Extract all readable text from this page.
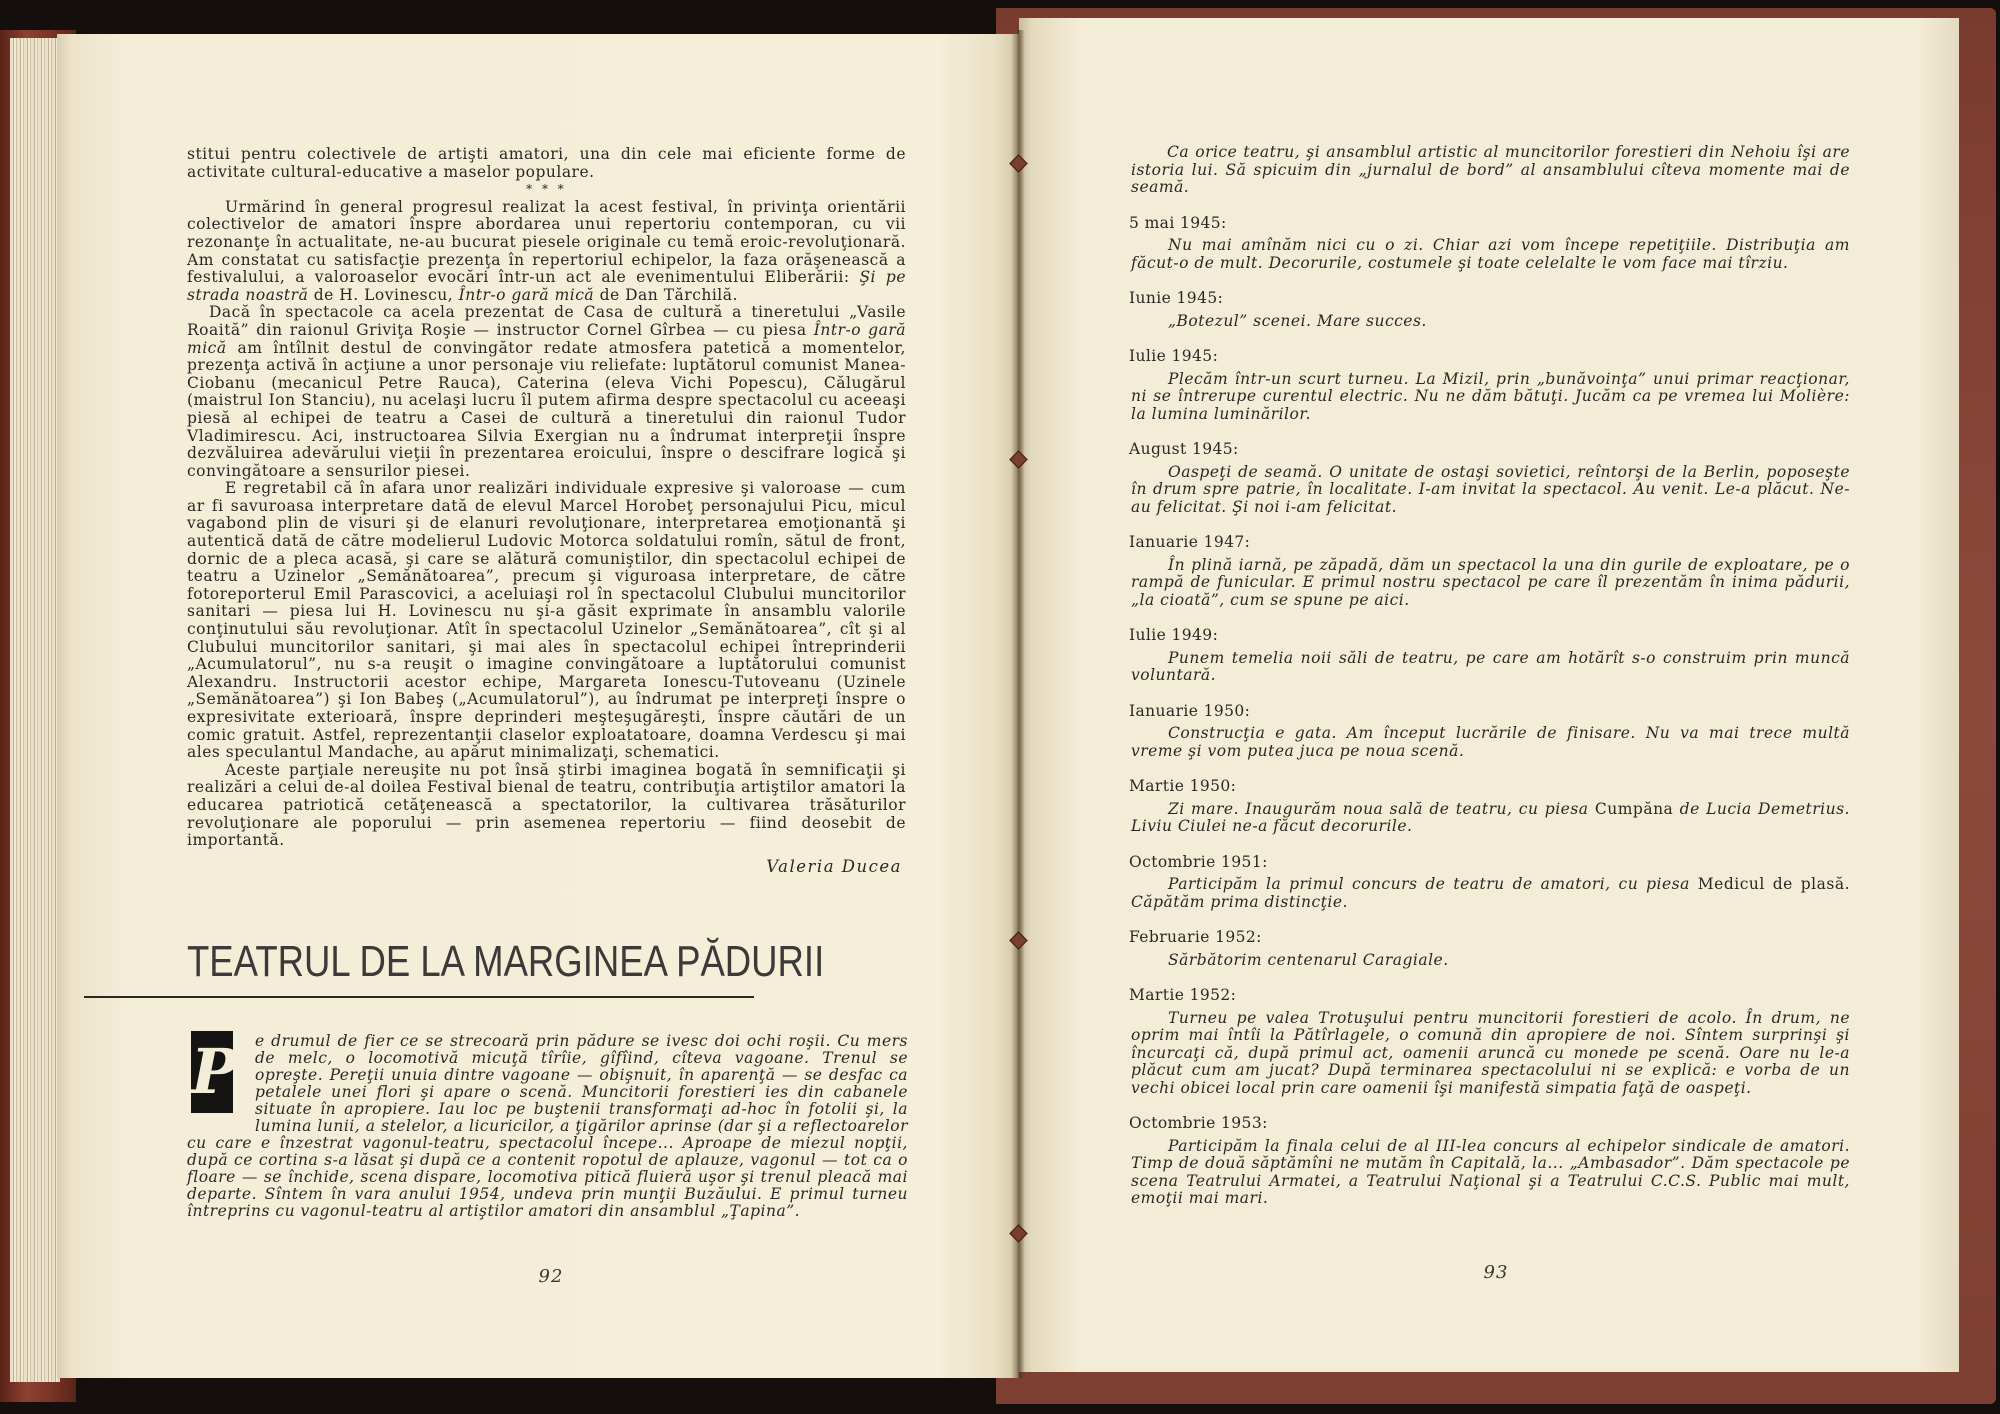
stitui pentru colectivele de artişti amatori, una din cele mai eficiente forme de activitate cultural-educative a maselor populare.

* * *

Urmărind în general progresul realizat la acest festival, în privinţa orientării colectivelor de amatori înspre abordarea unui repertoriu contemporan, cu vii rezonanţe în actualitate, ne-au bucurat piesele originale cu temă eroic-revoluţionară. Am constatat cu satisfacţie prezenţa în repertoriul echipelor, la faza orăşenească a festivalului, a valoroaselor evocări într-un act ale evenimentului Eliberării: Şi pe strada noastră de H. Lovinescu, Într-o gară mică de Dan Tărchilă.

Dacă în spectacole ca acela prezentat de Casa de cultură a tineretului „Vasile Roaită” din raionul Griviţa Roşie — instructor Cornel Gîrbea — cu piesa Într-o gară mică am întîlnit destul de convingător redate atmosfera patetică a momentelor, prezenţa activă în acţiune a unor personaje viu reliefate: luptătorul comunist Manea-Ciobanu (mecanicul Petre Rauca), Caterina (eleva Vichi Popescu), Călugărul (maistrul Ion Stanciu), nu acelaşi lucru îl putem afirma despre spectacolul cu aceeaşi piesă al echipei de teatru a Casei de cultură a tineretului din raionul Tudor Vladimirescu. Aci, instructoarea Silvia Exergian nu a îndrumat interpreţii înspre dezvăluirea adevărului vieţii în prezentarea eroicului, înspre o descifrare logică şi convingătoare a sensurilor piesei.

E regretabil că în afara unor realizări individuale expresive şi valoroase — cum ar fi savuroasa interpretare dată de elevul Marcel Horobeţ personajului Picu, micul vagabond plin de visuri şi de elanuri revoluţionare, interpretarea emoţionantă şi autentică dată de către modelierul Ludovic Motorca soldatului romîn, sătul de front, dornic de a pleca acasă, şi care se alătură comuniştilor, din spectacolul echipei de teatru a Uzinelor „Semănătoarea”, precum şi viguroasa interpretare, de către fotoreporterul Emil Parascovici, a aceluiaşi rol în spectacolul Clubului muncitorilor sanitari — piesa lui H. Lovinescu nu şi-a găsit exprimate în ansamblu valorile conţinutului său revoluţionar. Atît în spectacolul Uzinelor „Semănătoarea”, cît şi al Clubului muncitorilor sanitari, şi mai ales în spectacolul echipei întreprinderii „Acumulatorul”, nu s-a reuşit o imagine convingătoare a luptătorului comunist Alexandru. Instructorii acestor echipe, Margareta Ionescu-Tutoveanu (Uzinele „Semănătoarea”) şi Ion Babeş („Acumulatorul”), au îndrumat pe interpreţi înspre o expresivitate exterioară, înspre deprinderi meşteşugăreşti, înspre căutări de un comic gratuit. Astfel, reprezentanţii claselor exploatatoare, doamna Verdescu şi mai ales speculantul Mandache, au apărut minimalizaţi, schematici.

Aceste parţiale nereuşite nu pot însă ştirbi imaginea bogată în semnificaţii şi realizări a celui de-al doilea Festival bienal de teatru, contribuţia artiştilor amatori la educarea patriotică cetăţenească a spectatorilor, la cultivarea trăsăturilor revoluţionare ale poporului — prin asemenea repertoriu — fiind deosebit de importantă.

Valeria Ducea

TEATRUL DE LA MARGINEA PĂDURII
P e drumul de fier ce se strecoară prin pădure se ivesc doi ochi roşii. Cu mers de melc, o locomotivă micuţă tîrîie, gîfîind, cîteva vagoane. Trenul se opreşte. Pereţii unuia dintre vagoane — obişnuit, în aparenţă — se desfac ca petalele unei flori şi apare o scenă. Muncitorii forestieri ies din cabanele situate în apropiere. Iau loc pe buştenii transformaţi ad-hoc în fotolii şi, la lumina lunii, a stelelor, a licuricilor, a ţigărilor aprinse (dar şi a reflectoarelor cu care e înzestrat vagonul-teatru, spectacolul începe... Aproape de miezul nopţii, după ce cortina s-a lăsat şi după ce a contenit ropotul de aplauze, vagonul — tot ca o floare — se închide, scena dispare, locomotiva pitică fluieră uşor şi trenul pleacă mai departe. Sîntem în vara anului 1954, undeva prin munţii Buzăului. E primul turneu întreprins cu vagonul-teatru al artiştilor amatori din ansamblul „Ţapina”.
92

Ca orice teatru, şi ansamblul artistic al muncitorilor forestieri din Nehoiu îşi are istoria lui. Să spicuim din „jurnalul de bord” al ansamblului cîteva momente mai de seamă.

5 mai 1945:

Nu mai amînăm nici cu o zi. Chiar azi vom începe repetiţiile. Distribuţia am făcut-o de mult. Decorurile, costumele şi toate celelalte le vom face mai tîrziu.

Iunie 1945:

„Botezul” scenei. Mare succes.

Iulie 1945:

Plecăm într-un scurt turneu. La Mizil, prin „bunăvoinţa” unui primar reacţionar, ni se întrerupe curentul electric. Nu ne dăm bătuţi. Jucăm ca pe vremea lui Molière: la lumina luminărilor.

August 1945:

Oaspeţi de seamă. O unitate de ostaşi sovietici, reîntorşi de la Berlin, poposeşte în drum spre patrie, în localitate. I-am invitat la spectacol. Au venit. Le-a plăcut. Ne-au felicitat. Şi noi i-am felicitat.

Ianuarie 1947:

În plină iarnă, pe zăpadă, dăm un spectacol la una din gurile de exploatare, pe o rampă de funicular. E primul nostru spectacol pe care îl prezentăm în inima pădurii, „la cioată”, cum se spune pe aici.

Iulie 1949:

Punem temelia noii săli de teatru, pe care am hotărît s-o construim prin muncă voluntară.

Ianuarie 1950:

Construcţia e gata. Am început lucrările de finisare. Nu va mai trece multă vreme şi vom putea juca pe noua scenă.

Martie 1950:

Zi mare. Inaugurăm noua sală de teatru, cu piesa Cumpăna de Lucia Demetrius. Liviu Ciulei ne-a făcut decorurile.

Octombrie 1951:

Participăm la primul concurs de teatru de amatori, cu piesa Medicul de plasă. Căpătăm prima distincţie.

Februarie 1952:

Sărbătorim centenarul Caragiale.

Martie 1952:

Turneu pe valea Trotuşului pentru muncitorii forestieri de acolo. În drum, ne oprim mai întîi la Pătîrlagele, o comună din apropiere de noi. Sîntem surprinşi şi încurcaţi că, după primul act, oamenii aruncă cu monede pe scenă. Oare nu le-a plăcut cum am jucat? După terminarea spectacolului ni se explică: e vorba de un vechi obicei local prin care oamenii îşi manifestă simpatia faţă de oaspeţi.

Octombrie 1953:

Participăm la finala celui de al III-lea concurs al echipelor sindicale de amatori. Timp de două săptămîni ne mutăm în Capitală, la... „Ambasador”. Dăm spectacole pe scena Teatrului Armatei, a Teatrului Naţional şi a Teatrului C.C.S. Public mai mult, emoţii mai mari.

93
